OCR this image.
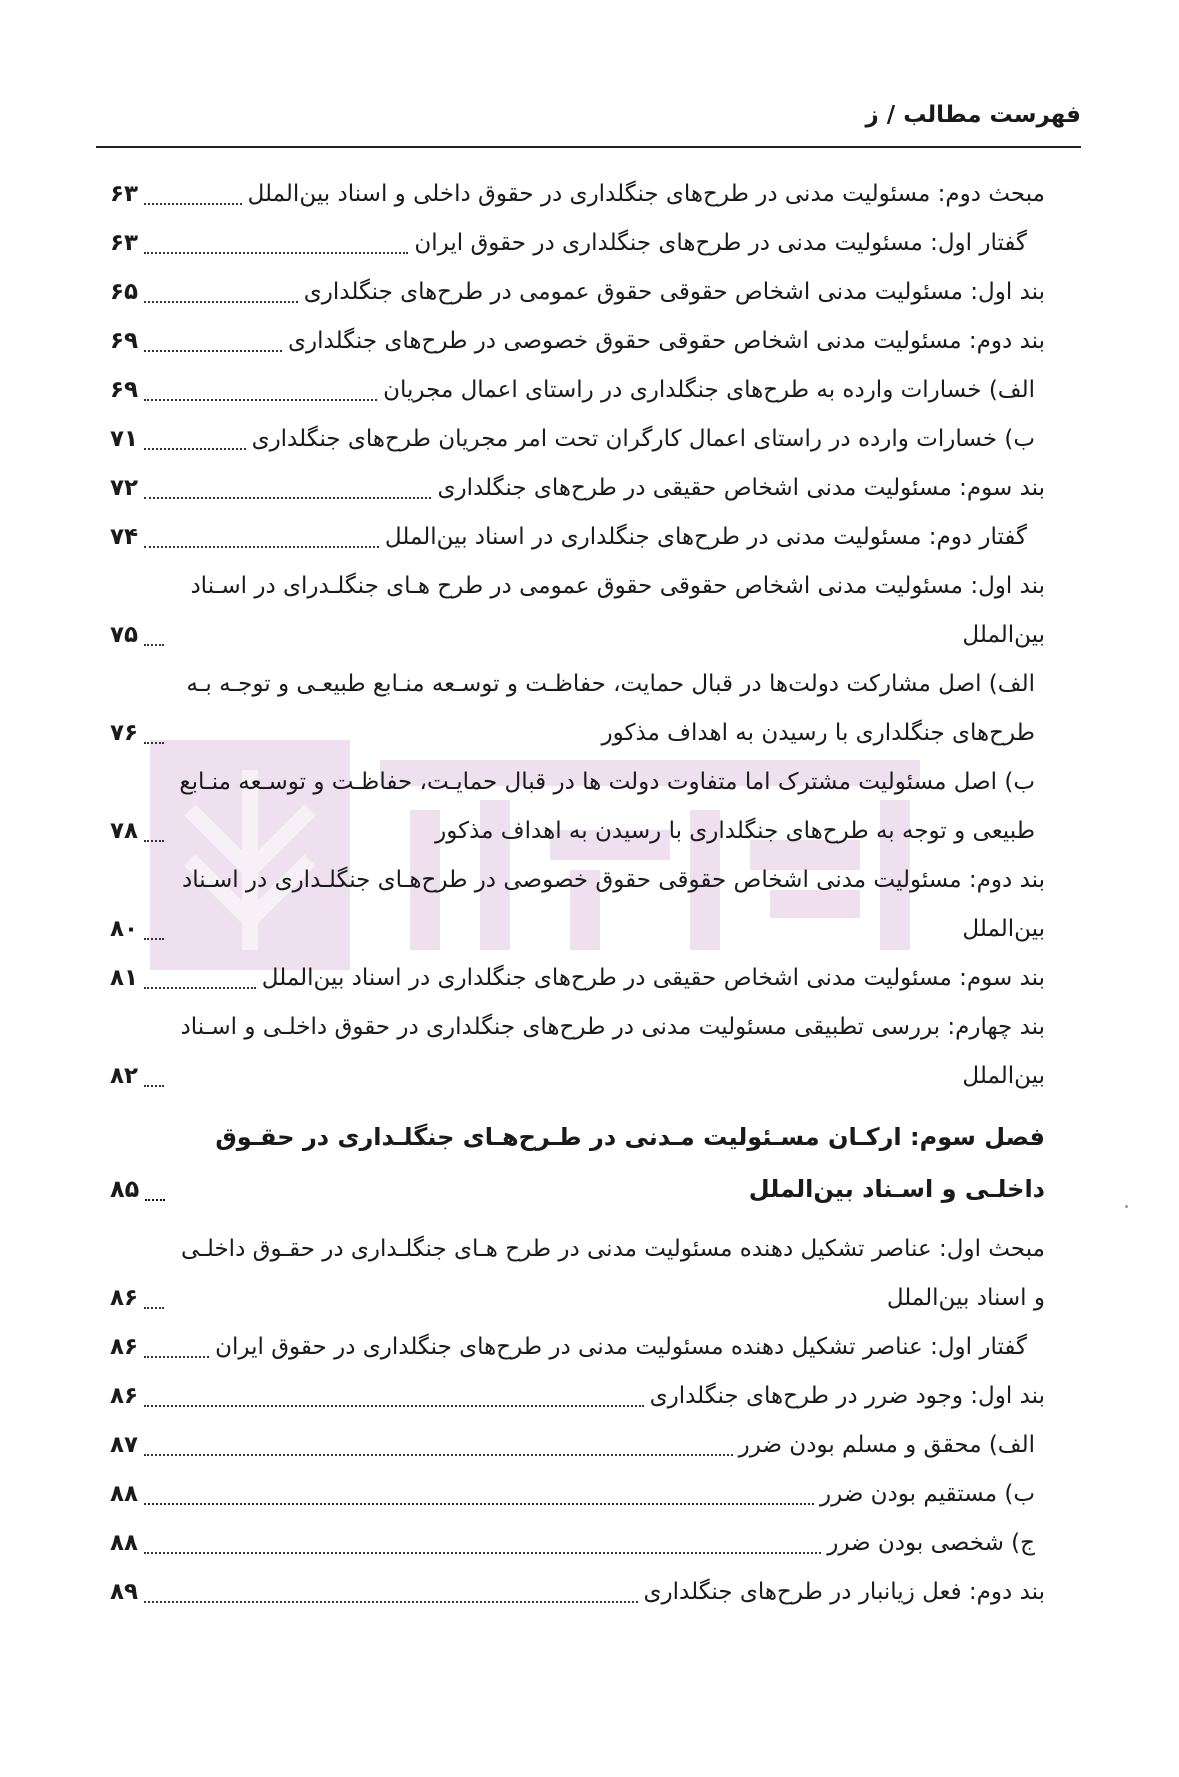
فهرست مطالب / ز
مبحث دوم: مسئولیت مدنی در طرح‌های جنگلداری در حقوق داخلی و اسناد بین‌الملل
۶۳
گفتار اول: مسئولیت مدنی در طرح‌های جنگلداری در حقوق ایران
۶۳
بند اول: مسئولیت مدنی اشخاص حقوقی حقوق عمومی در طرح‌های جنگلداری
۶۵
بند دوم: مسئولیت مدنی اشخاص حقوقی حقوق خصوصی در طرح‌های جنگلداری
۶۹
الف) خسارات وارده به طرح‌های جنگلداری در راستای اعمال مجریان
۶۹
ب) خسارات وارده در راستای اعمال کارگران تحت امر مجریان طرح‌های جنگلداری
۷۱
بند سوم: مسئولیت مدنی اشخاص حقیقی در طرح‌های جنگلداری
۷۲
گفتار دوم: مسئولیت مدنی در طرح‌های جنگلداری در اسناد بین‌الملل
۷۴
بند اول: مسئولیت مدنی اشخاص حقوقی حقوق عمومی در طرح هـای جنگلـدرای در اسـناد بین‌الملل
۷۵
الف) اصل مشارکت دولت‌ها در قبال حمایت، حفاظـت و توسـعه منـابع طبیعـی و توجـه بـه طرح‌های جنگلداری با رسیدن به اهداف مذکور
۷۶
ب) اصل مسئولیت مشترک اما متفاوت دولت ها در قبال حمایـت، حفاظـت و توسـعه منـابع طبیعی و توجه به طرح‌های جنگلداری با رسیدن به اهداف مذکور
۷۸
بند دوم: مسئولیت مدنی اشخاص حقوقی حقوق خصوصی در طرح‌هـای جنگلـداری در اسـناد بین‌الملل
۸۰
بند سوم: مسئولیت مدنی اشخاص حقیقی در طرح‌های جنگلداری در اسناد بین‌الملل
۸۱
بند چهارم: بررسی تطبیقی مسئولیت مدنی در طرح‌های جنگلداری در حقوق داخلـی و اسـناد بین‌الملل
۸۲
فصل سوم: ارکـان مسـئولیت مـدنی در طـرح‌هـای جنگلـداری در حقـوق داخلـی و اسـناد بین‌الملل
۸۵
مبحث اول: عناصر تشکیل دهنده مسئولیت مدنی در طرح هـای جنگلـداری در حقـوق داخلـی و اسناد بین‌الملل
۸۶
گفتار اول: عناصر تشکیل دهنده مسئولیت مدنی در طرح‌های جنگلداری در حقوق ایران
۸۶
بند اول: وجود ضرر در طرح‌های جنگلداری
۸۶
الف) محقق و مسلم بودن ضرر
۸۷
ب) مستقیم بودن ضرر
۸۸
ج) شخصی بودن ضرر
۸۸
بند دوم: فعل زیانبار در طرح‌های جنگلداری
۸۹
